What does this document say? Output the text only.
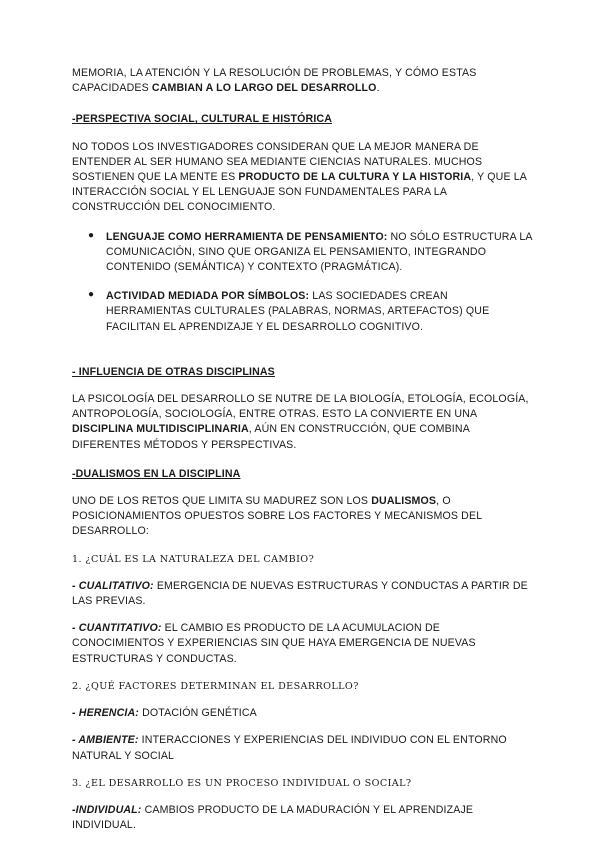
MEMORIA, LA ATENCIÓN Y LA RESOLUCIÓN DE PROBLEMAS, Y CÓMO ESTAS
CAPACIDADES CAMBIAN A LO LARGO DEL DESARROLLO.

-PERSPECTIVA SOCIAL, CULTURAL E HISTÓRICA

NO TODOS LOS INVESTIGADORES CONSIDERAN QUE LA MEJOR MANERA DE ENTENDER AL SER HUMANO SEA MEDIANTE CIENCIAS NATURALES. MUCHOS SOSTIENEN QUE LA MENTE ES PRODUCTO DE LA CULTURA Y LA HISTORIA, Y QUE LA INTERACCIÓN SOCIAL Y EL LENGUAJE SON FUNDAMENTALES PARA LA CONSTRUCCIÓN DEL CONOCIMIENTO.

● LENGUAJE COMO HERRAMIENTA DE PENSAMIENTO: NO SÓLO ESTRUCTURA LA COMUNICACIÓN, SINO QUE ORGANIZA EL PENSAMIENTO, INTEGRANDO CONTENIDO (SEMÁNTICA) Y CONTEXTO (PRAGMÁTICA).

● ACTIVIDAD MEDIADA POR SÍMBOLOS: LAS SOCIEDADES CREAN HERRAMIENTAS CULTURALES (PALABRAS, NORMAS, ARTEFACTOS) QUE FACILITAN EL APRENDIZAJE Y EL DESARROLLO COGNITIVO.

- INFLUENCIA DE OTRAS DISCIPLINAS

LA PSICOLOGÍA DEL DESARROLLO SE NUTRE DE LA BIOLOGÍA, ETOLOGÍA, ECOLOGÍA, ANTROPOLOGÍA, SOCIOLOGÍA, ENTRE OTRAS. ESTO LA CONVIERTE EN UNA DISCIPLINA MULTIDISCIPLINARIA, AÚN EN CONSTRUCCIÓN, QUE COMBINA DIFERENTES MÉTODOS Y PERSPECTIVAS.

-DUALISMOS EN LA DISCIPLINA

UNO DE LOS RETOS QUE LIMITA SU MADUREZ SON LOS DUALISMOS, O POSICIONAMIENTOS OPUESTOS SOBRE LOS FACTORES Y MECANISMOS DEL DESARROLLO:

1. ¿CUÁL ES LA NATURALEZA DEL CAMBIO?

- CUALITATIVO: EMERGENCIA DE NUEVAS ESTRUCTURAS Y CONDUCTAS A PARTIR DE LAS PREVIAS.

- CUANTITATIVO: EL CAMBIO ES PRODUCTO DE LA ACUMULACION DE CONOCIMIENTOS Y EXPERIENCIAS SIN QUE HAYA EMERGENCIA DE NUEVAS ESTRUCTURAS Y CONDUCTAS.

2. ¿QUÉ FACTORES DETERMINAN EL DESARROLLO?

- HERENCIA: DOTACIÓN GENÉTICA

- AMBIENTE: INTERACCIONES Y EXPERIENCIAS DEL INDIVIDUO CON EL ENTORNO NATURAL Y SOCIAL

3. ¿EL DESARROLLO ES UN PROCESO INDIVIDUAL O SOCIAL?

-INDIVIDUAL: CAMBIOS PRODUCTO DE LA MADURACIÓN Y EL APRENDIZAJE INDIVIDUAL.
